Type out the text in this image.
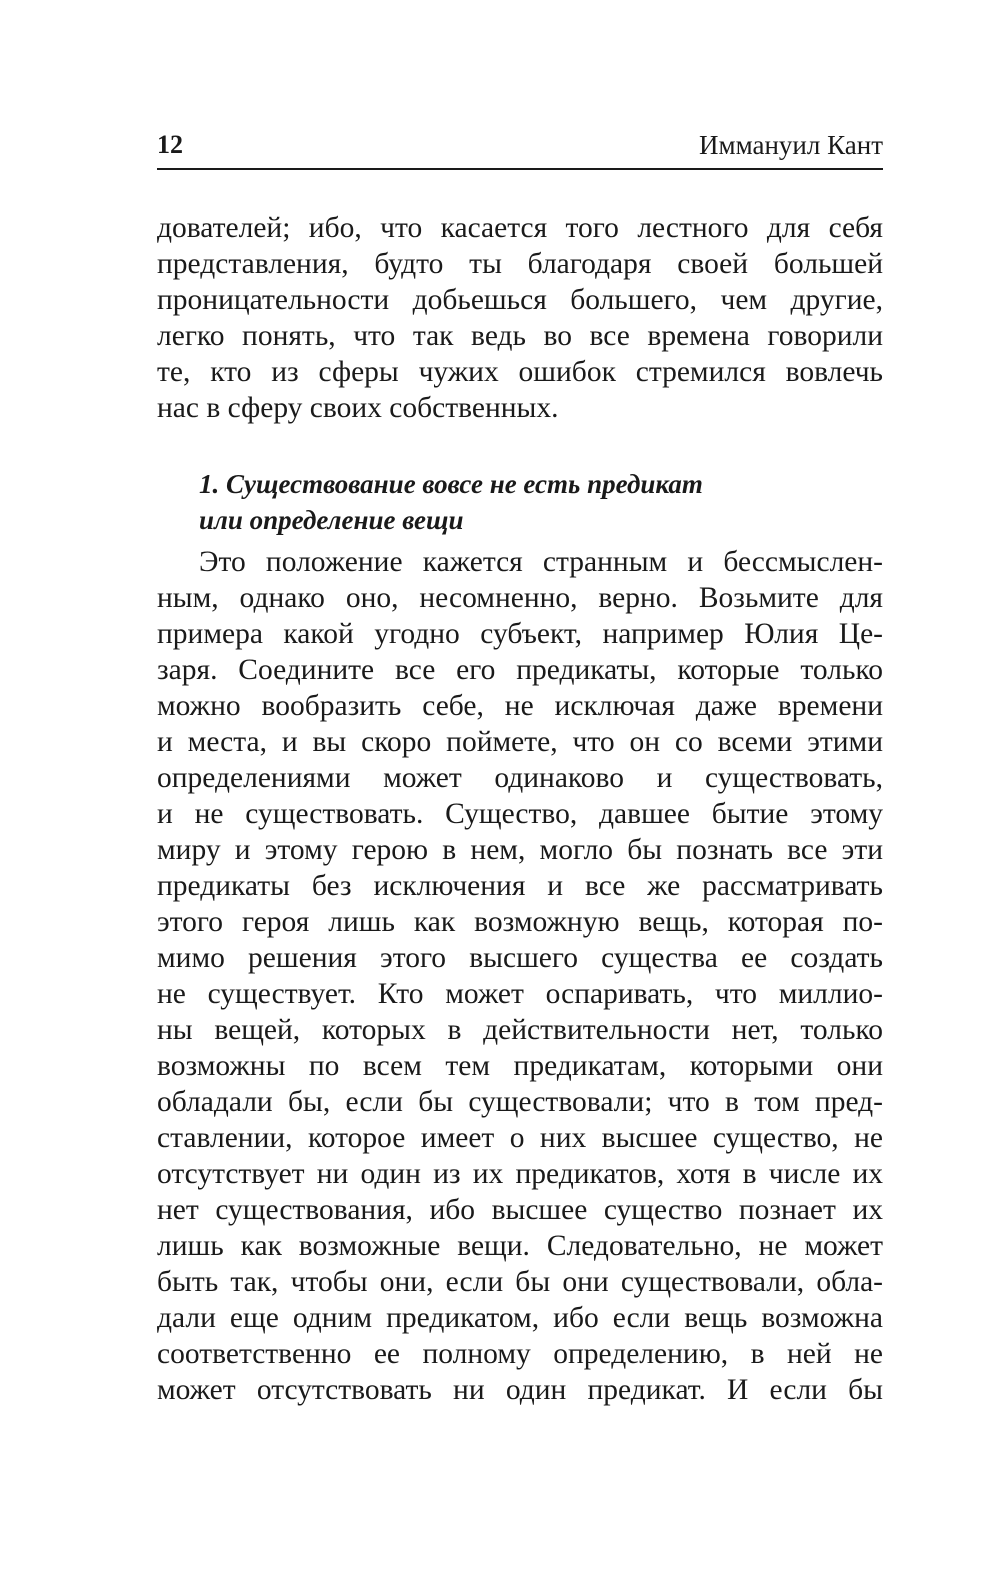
12	Иммануил Кант
дователей; ибо, что касается того лестного для себя
представления, будто ты благодаря своей большей
проницательности добьешься большего, чем другие,
легко понять, что так ведь во все времена говорили
те, кто из сферы чужих ошибок стремился вовлечь
нас в сферу своих собственных.
1. Существование вовсе не есть предикат
или определение вещи
Это положение кажется странным и бессмыслен-
ным, однако оно, несомненно, верно. Возьмите для
примера какой угодно субъект, например Юлия Це-
заря. Соедините все его предикаты, которые только
можно вообразить себе, не исключая даже времени
и места, и вы скоро поймете, что он со всеми этими
определениями может одинаково и существовать,
и не существовать. Существо, давшее бытие этому
миру и этому герою в нем, могло бы познать все эти
предикаты без исключения и все же рассматривать
этого героя лишь как возможную вещь, которая по-
мимо решения этого высшего существа ее создать
не существует. Кто может оспаривать, что миллио-
ны вещей, которых в действительности нет, только
возможны по всем тем предикатам, которыми они
обладали бы, если бы существовали; что в том пред-
ставлении, которое имеет о них высшее существо, не
отсутствует ни один из их предикатов, хотя в числе их
нет существования, ибо высшее существо познает их
лишь как возможные вещи. Следовательно, не может
быть так, чтобы они, если бы они существовали, обла-
дали еще одним предикатом, ибо если вещь возможна
соответственно ее полному определению, в ней не
может отсутствовать ни один предикат. И если бы
